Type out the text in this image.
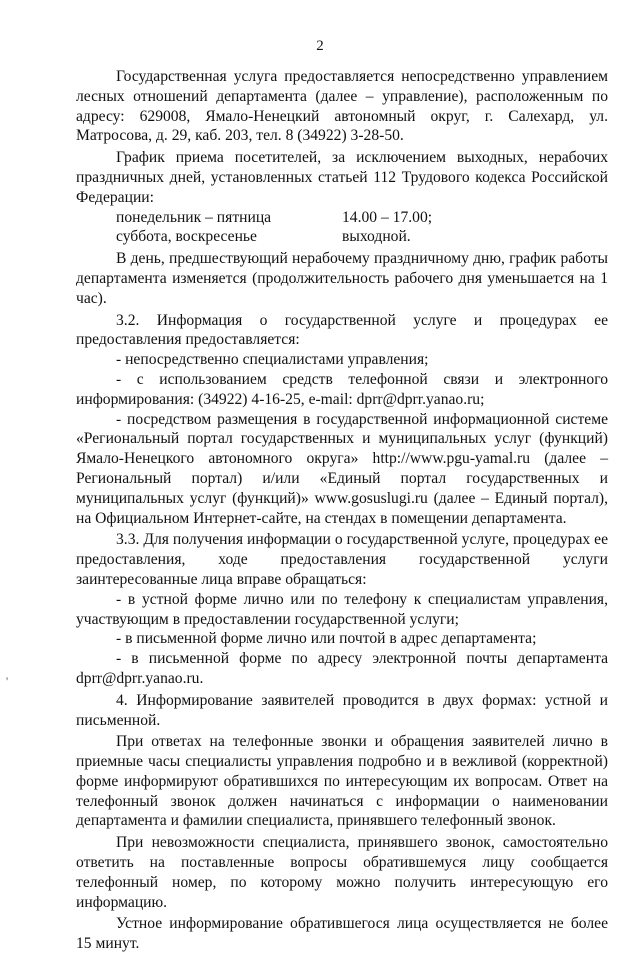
2

Государственная услуга предоставляется непосредственно управлением лесных отношений департамента (далее – управление), расположенным по адресу: 629008, Ямало-Ненецкий автономный округ, г. Салехард, ул. Матросова, д. 29, каб. 203, тел. 8 (34922) 3-28-50.

График приема посетителей, за исключением выходных, нерабочих праздничных дней, установленных статьей 112 Трудового кодекса Российской Федерации:

понедельник – пятница	14.00 – 17.00;
суббота, воскресенье	выходной.

В день, предшествующий нерабочему праздничному дню, график работы департамента изменяется (продолжительность рабочего дня уменьшается на 1 час).

3.2. Информация о государственной услуге и процедурах ее предоставления предоставляется:

- непосредственно специалистами управления;

- с использованием средств телефонной связи и электронного информирования: (34922) 4-16-25, e-mail: dprr@dprr.yanao.ru;

- посредством размещения в государственной информационной системе «Региональный портал государственных и муниципальных услуг (функций) Ямало-Ненецкого автономного округа» http://www.pgu-yamal.ru (далее – Региональный портал) и/или «Единый портал государственных и муниципальных услуг (функций)» www.gosuslugi.ru (далее – Единый портал), на Официальном Интернет-сайте, на стендах в помещении департамента.

3.3. Для получения информации о государственной услуге, процедурах ее предоставления, ходе предоставления государственной услуги заинтересованные лица вправе обращаться:

- в устной форме лично или по телефону к специалистам управления, участвующим в предоставлении государственной услуги;

- в письменной форме лично или почтой в адрес департамента;

- в письменной форме по адресу электронной почты департамента dprr@dprr.yanao.ru.

4. Информирование заявителей проводится в двух формах: устной и письменной.

При ответах на телефонные звонки и обращения заявителей лично в приемные часы специалисты управления подробно и в вежливой (корректной) форме информируют обратившихся по интересующим их вопросам. Ответ на телефонный звонок должен начинаться с информации о наименовании департамента и фамилии специалиста, принявшего телефонный звонок.

При невозможности специалиста, принявшего звонок, самостоятельно ответить на поставленные вопросы обратившемуся лицу сообщается телефонный номер, по которому можно получить интересующую его информацию.

Устное информирование обратившегося лица осуществляется не более 15 минут.

'
